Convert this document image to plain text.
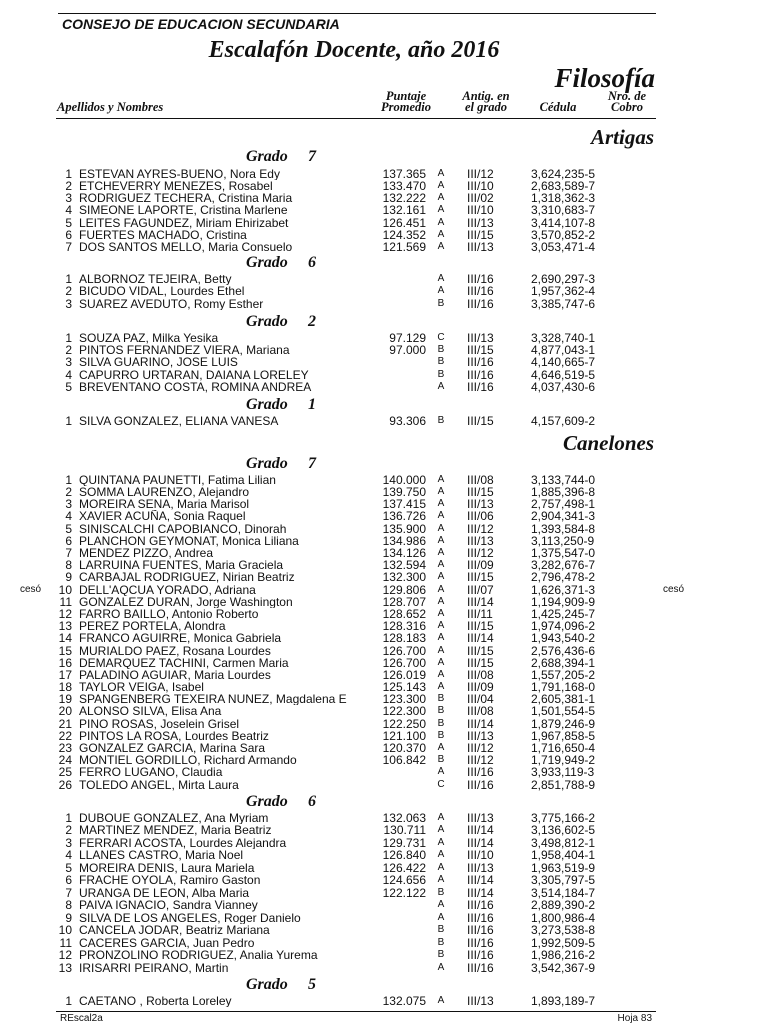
CONSEJO DE EDUCACION SECUNDARIA
Escalafón Docente, año 2016
Filosofía
Apellidos y Nombres
Puntaje
Promedio
Antig. en
el grado	Cédula
Nro. de
Cobro
Artigas
Grado 7
1 ESTEVAN AYRES-BUENO, Nora Edy	137.365 A III/12	3,624,235-5
2 ETCHEVERRY MENEZES, Rosabel	133.470 A III/10	2,683,589-7
3 RODRIGUEZ TECHERA, Cristina Maria	132.222 A III/02	1,318,362-3
4 SIMEONE LAPORTE, Cristina Marlene	132.161 A III/10	3,310,683-7
5 LEITES FAGUNDEZ, Miriam Ehirizabet	126.451 A III/13	3,414,107-8
6 FUERTES MACHADO, Cristina	124.352 A III/15	3,570,852-2
7 DOS SANTOS MELLO, Maria Consuelo	121.569 A III/13	3,053,471-4
Grado 6
1 ALBORNOZ TEJEIRA, Betty	A III/16	2,690,297-3
2 BICUDO VIDAL, Lourdes Ethel	A III/16	1,957,362-4
3 SUAREZ AVEDUTO, Romy Esther	B III/16	3,385,747-6
Grado 2
1 SOUZA PAZ, Milka Yesika	97.129 C III/13	3,328,740-1
2 PINTOS FERNANDEZ VIERA, Mariana	97.000 B III/15	4,877,043-1
3 SILVA GUARINO, JOSE LUIS	B III/16	4,140,665-7
4 CAPURRO URTARAN, DAIANA LORELEY	B III/16	4,646,519-5
5 BREVENTANO COSTA, ROMINA ANDREA	A III/16	4,037,430-6
Grado 1
1 SILVA GONZALEZ, ELIANA VANESA	93.306 B III/15	4,157,609-2
Canelones
Grado 7
1 QUINTANA PAUNETTI, Fatima Lilian	140.000 A III/08	3,133,744-0
2 SOMMA LAURENZO, Alejandro	139.750 A III/15	1,885,396-8
3 MOREIRA SENA, Maria Marisol	137.415 A III/13	2,757,498-1
4 XAVIER ACUÑA, Sonia Raquel	136.726 A III/06	2,904,341-3
5 SINISCALCHI CAPOBIANCO, Dinorah	135.900 A III/12	1,393,584-8
6 PLANCHON GEYMONAT, Monica Liliana	134.986 A III/13	3,113,250-9
7 MENDEZ PIZZO, Andrea	134.126 A III/12	1,375,547-0
8 LARRUINA FUENTES, Maria Graciela	132.594 A III/09	3,282,676-7
9 CARBAJAL RODRIGUEZ, Nirian Beatriz	132.300 A III/15	2,796,478-2
10 DELL'AQCUA YORADO, Adriana	129.806 A III/07	1,626,371-3
cesó	cesó
11 GONZALEZ DURAN, Jorge Washington	128.707 A III/14	1,194,909-9
12 FARRO BAILLO, Antonio Roberto	128.652 A III/11	1,425,245-7
13 PEREZ PORTELA, Alondra	128.316 A III/15	1,974,096-2
14 FRANCO AGUIRRE, Monica Gabriela	128.183 A III/14	1,943,540-2
15 MURIALDO PAEZ, Rosana Lourdes	126.700 A III/15	2,576,436-6
16 DEMARQUEZ TACHINI, Carmen Maria	126.700 A III/15	2,688,394-1
17 PALADINO AGUIAR, Maria Lourdes	126.019 A III/08	1,557,205-2
18 TAYLOR VEIGA, Isabel	125.143 A III/09	1,791,168-0
19 SPANGENBERG TEXEIRA NUNEZ, Magdalena E	123.300 B III/04	2,605,381-1
20 ALONSO SILVA, Elisa Ana	122.300 B III/08	1,501,554-5
21 PINO ROSAS, Joselein Grisel	122.250 B III/14	1,879,246-9
22 PINTOS LA ROSA, Lourdes Beatriz	121.100 B III/13	1,967,858-5
23 GONZALEZ GARCIA, Marina Sara	120.370 A III/12	1,716,650-4
24 MONTIEL GORDILLO, Richard Armando	106.842 B III/12	1,719,949-2
25 FERRO LUGANO, Claudia	A III/16	3,933,119-3
26 TOLEDO ANGEL, Mirta Laura	C III/16	2,851,788-9
Grado 6
1 DUBOUE GONZALEZ, Ana Myriam	132.063 A III/13	3,775,166-2
2 MARTINEZ MENDEZ, Maria Beatriz	130.711 A III/14	3,136,602-5
3 FERRARI ACOSTA, Lourdes Alejandra	129.731 A III/14	3,498,812-1
4 LLANES CASTRO, Maria Noel	126.840 A III/10	1,958,404-1
5 MOREIRA DENIS, Laura Mariela	126.422 A III/13	1,963,519-9
6 FRACHE OYOLA, Ramiro Gaston	124.656 A III/14	3,305,797-5
7 URANGA DE LEON, Alba Maria	122.122 B III/14	3,514,184-7
8 PAIVA IGNACIO, Sandra Vianney	A III/16	2,889,390-2
9 SILVA DE LOS ANGELES, Roger Danielo	A III/16	1,800,986-4
10 CANCELA JODAR, Beatriz Mariana	B III/16	3,273,538-8
11 CACERES GARCIA, Juan Pedro	B III/16	1,992,509-5
12 PRONZOLINO RODRIGUEZ, Analia Yurema	B III/16	1,986,216-2
13 IRISARRI PEIRANO, Martin	A III/16	3,542,367-9
Grado 5
1 CAETANO , Roberta Loreley	132.075 A III/13	1,893,189-7
REscal2a	Hoja 83
